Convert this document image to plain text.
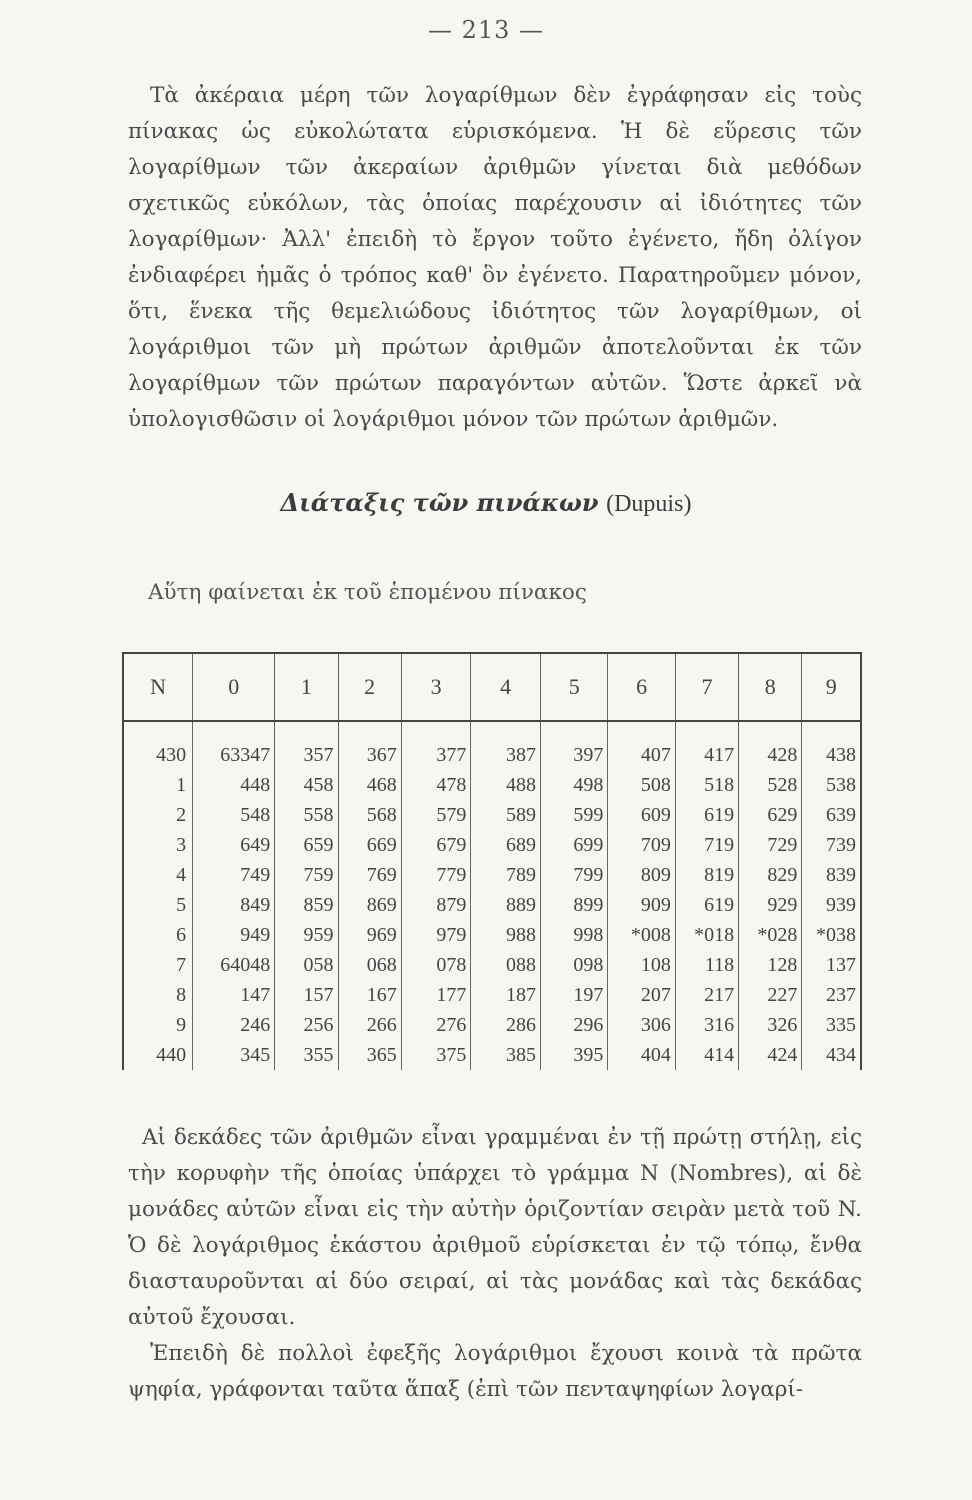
— 213 —

Τὰ ἀκέραια μέρη τῶν λογαρίθμων δὲν ἐγράφησαν εἰς τοὺς πίνακας ὡς εὐκολώτατα εὑρισκόμενα. Ἡ δὲ εὕρεσις τῶν λογαρίθμων τῶν ἀκεραίων ἀριθμῶν γίνεται διὰ μεθόδων σχετικῶς εὐκόλων, τὰς ὁποίας παρέχουσιν αἱ ἰδιότητες τῶν λογαρίθμων· Ἀλλ' ἐπειδὴ τὸ ἔργον τοῦτο ἐγένετο, ἤδη ὀλίγον ἐνδιαφέρει ἡμᾶς ὁ τρόπος καθ' ὃν ἐγένετο. Παρατηροῦμεν μόνον, ὅτι, ἕνεκα τῆς θεμελιώδους ἰδιότητος τῶν λογαρίθμων, οἱ λογάριθμοι τῶν μὴ πρώτων ἀριθμῶν ἀποτελοῦνται ἐκ τῶν λογαρίθμων τῶν πρώτων παραγόντων αὐτῶν. Ὥστε ἀρκεῖ νὰ ὑπολογισθῶσιν οἱ λογάριθμοι μόνον τῶν πρώτων ἀριθμῶν.

Διάταξις τῶν πινάκων (Dupuis)
Αὕτη φαίνεται ἐκ τοῦ ἑπομένου πίνακος
N	0	1	2	3	4	5	6	7	8	9
430	63347	357	367	377	387	397	407	417	428	438
1	448	458	468	478	488	498	508	518	528	538
2	548	558	568	579	589	599	609	619	629	639
3	649	659	669	679	689	699	709	719	729	739
4	749	759	769	779	789	799	809	819	829	839
5	849	859	869	879	889	899	909	619	929	939
6	949	959	969	979	988	998	*008	*018	*028	*038
7	64048	058	068	078	088	098	108	118	128	137
8	147	157	167	177	187	197	207	217	227	237
9	246	256	266	276	286	296	306	316	326	335
440	345	355	365	375	385	395	404	414	424	434

Αἱ δεκάδες τῶν ἀριθμῶν εἶναι γραμμέναι ἐν τῇ πρώτῃ στήλῃ, εἰς τὴν κορυφὴν τῆς ὁποίας ὑπάρχει τὸ γράμμα N (Nombres), αἱ δὲ μονάδες αὐτῶν εἶναι εἰς τὴν αὐτὴν ὁριζοντίαν σειρὰν μετὰ τοῦ N. Ὁ δὲ λογάριθμος ἑκάστου ἀριθμοῦ εὑρίσκεται ἐν τῷ τόπῳ, ἔνθα διασταυροῦνται αἱ δύο σειραί, αἱ τὰς μονάδας καὶ τὰς δεκάδας αὐτοῦ ἔχουσαι.

Ἐπειδὴ δὲ πολλοὶ ἐφεξῆς λογάριθμοι ἔχουσι κοινὰ τὰ πρῶτα ψηφία, γράφονται ταῦτα ἅπαξ (ἐπὶ τῶν πενταψηφίων λογαρί-
